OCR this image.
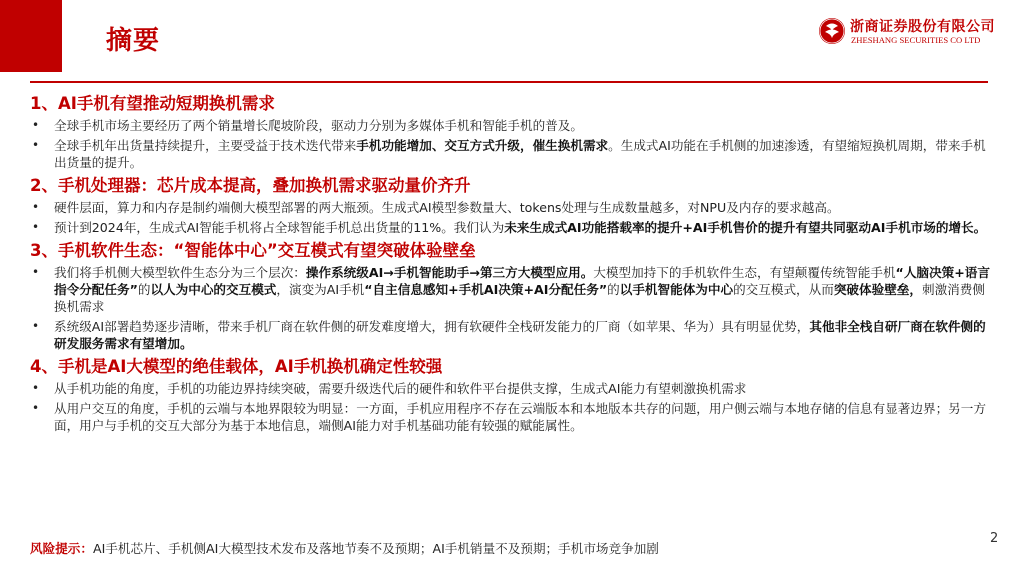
摘要	浙商证券股份有限公司
ZHESHANG SECURITIES CO LTD
1、AI手机有望推动短期换机需求
• 全球手机市场主要经历了两个销量增长爬坡阶段，驱动力分别为多媒体手机和智能手机的普及。
• 全球手机年出货量持续提升，主要受益于技术迭代带来手机功能增加、交互方式升级，催生换机需求。生成式AI功能在手机侧的加速渗透，有望缩短换机周期，带来手机出货量的提升。
2、手机处理器：芯片成本提高，叠加换机需求驱动量价齐升
• 硬件层面，算力和内存是制约端侧大模型部署的两大瓶颈。生成式AI模型参数量大、tokens处理与生成数量越多，对NPU及内存的要求越高。
• 预计到2024年，生成式AI智能手机将占全球智能手机总出货量的11%。我们认为未来生成式AI功能搭载率的提升+AI手机售价的提升有望共同驱动AI手机市场的增长。
3、手机软件生态：“智能体中心”交互模式有望突破体验壁垒
• 我们将手机侧大模型软件生态分为三个层次：操作系统级AI→手机智能助手→第三方大模型应用。大模型加持下的手机软件生态，有望颠覆传统智能手机“人脑决策+语言指令分配任务”的以人为中心的交互模式，演变为AI手机“自主信息感知+手机AI决策+AI分配任务”的以手机智能体为中心的交互模式，从而突破体验壁垒，刺激消费侧换机需求
• 系统级AI部署趋势逐步清晰，带来手机厂商在软件侧的研发难度增大，拥有软硬件全栈研发能力的厂商（如苹果、华为）具有明显优势，其他非全栈自研厂商在软件侧的研发服务需求有望增加。
4、手机是AI大模型的绝佳载体，AI手机换机确定性较强
• 从手机功能的角度，手机的功能边界持续突破，需要升级迭代后的硬件和软件平台提供支撑，生成式AI能力有望刺激换机需求
• 从用户交互的角度，手机的云端与本地界限较为明显：一方面，手机应用程序不存在云端版本和本地版本共存的问题，用户侧云端与本地存储的信息有显著边界；另一方面，用户与手机的交互大部分为基于本地信息，端侧AI能力对手机基础功能有较强的赋能属性。
2
风险提示：AI手机芯片、手机侧AI大模型技术发布及落地节奏不及预期；AI手机销量不及预期；手机市场竞争加剧
